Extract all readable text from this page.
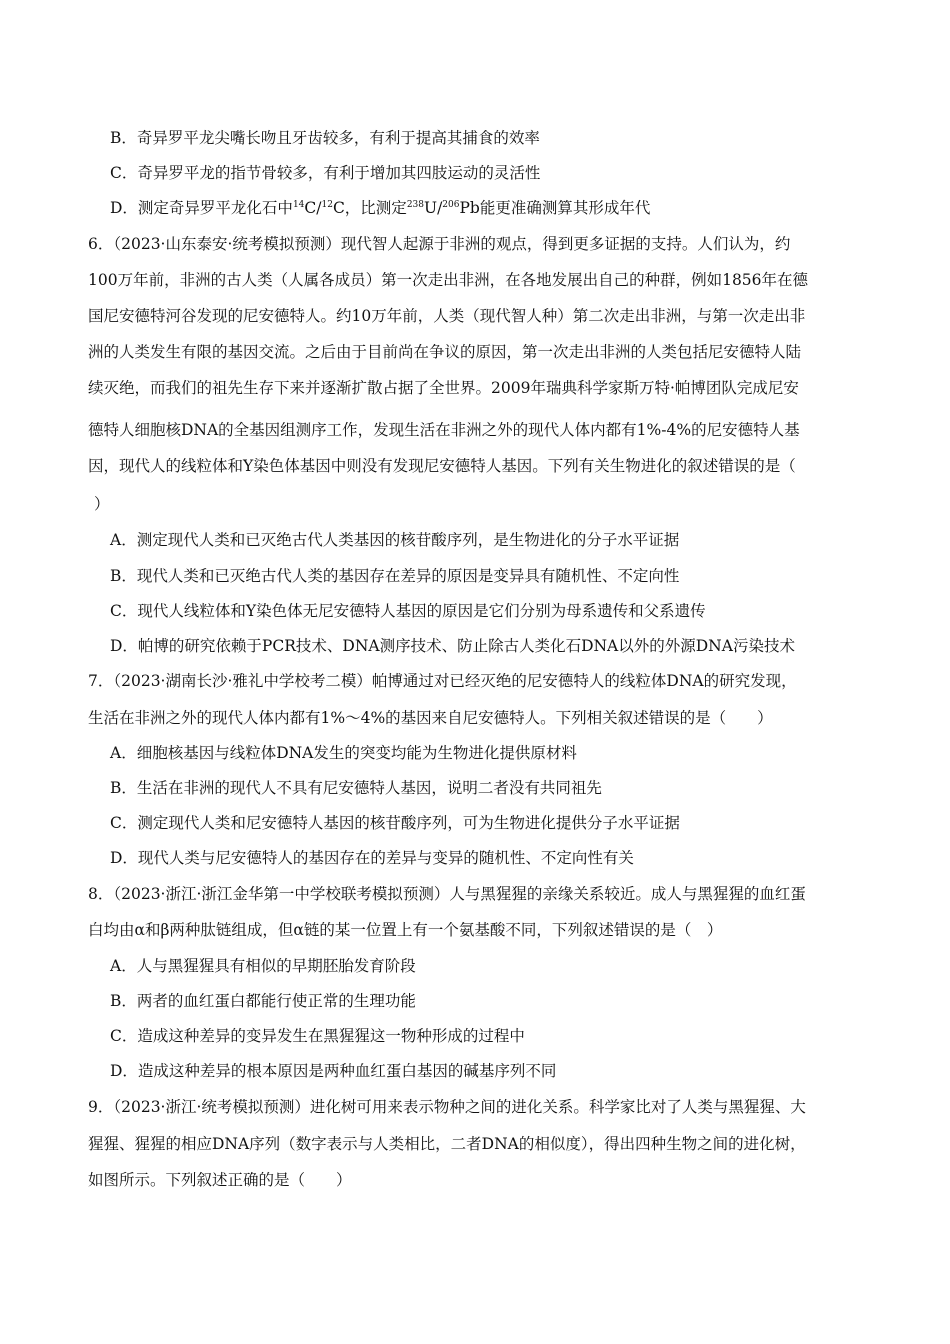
B．奇异罗平龙尖嘴长吻且牙齿较多，有利于提高其捕食的效率
C．奇异罗平龙的指节骨较多，有利于增加其四肢运动的灵活性
D．测定奇异罗平龙化石中$^{14}$C/$^{12}$C，比测定$^{238}$U/$^{206}$Pb能更准确测算其形成年代
6．（2023·山东泰安·统考模拟预测）现代智人起源于非洲的观点，得到更多证据的支持。人们认为，约
100万年前，非洲的古人类（人属各成员）第一次走出非洲，在各地发展出自己的种群，例如1856年在德
国尼安德特河谷发现的尼安德特人。约10万年前，人类（现代智人种）第二次走出非洲，与第一次走出非
洲的人类发生有限的基因交流。之后由于目前尚在争议的原因，第一次走出非洲的人类包括尼安德特人陆
续灭绝，而我们的祖先生存下来并逐渐扩散占据了全世界。2009年瑞典科学家斯万特·帕博团队完成尼安
德特人细胞核DNA的全基因组测序工作，发现生活在非洲之外的现代人体内都有1%-4%的尼安德特人基
因，现代人的线粒体和Y染色体基因中则没有发现尼安德特人基因。下列有关生物进化的叙述错误的是（
）
A．测定现代人类和已灭绝古代人类基因的核苷酸序列，是生物进化的分子水平证据
B．现代人类和已灭绝古代人类的基因存在差异的原因是变异具有随机性、不定向性
C．现代人线粒体和Y染色体无尼安德特人基因的原因是它们分别为母系遗传和父系遗传
D．帕博的研究依赖于PCR技术、DNA测序技术、防止除古人类化石DNA以外的外源DNA污染技术
7．（2023·湖南长沙·雅礼中学校考二模）帕博通过对已经灭绝的尼安德特人的线粒体DNA的研究发现，
生活在非洲之外的现代人体内都有1%～4%的基因来自尼安德特人。下列相关叙述错误的是（　　）
A．细胞核基因与线粒体DNA发生的突变均能为生物进化提供原材料
B．生活在非洲的现代人不具有尼安德特人基因，说明二者没有共同祖先
C．测定现代人类和尼安德特人基因的核苷酸序列，可为生物进化提供分子水平证据
D．现代人类与尼安德特人的基因存在的差异与变异的随机性、不定向性有关
8．（2023·浙江·浙江金华第一中学校联考模拟预测）人与黑猩猩的亲缘关系较近。成人与黑猩猩的血红蛋
白均由α和β两种肽链组成，但α链的某一位置上有一个氨基酸不同，下列叙述错误的是（　）
A．人与黑猩猩具有相似的早期胚胎发育阶段
B．两者的血红蛋白都能行使正常的生理功能
C．造成这种差异的变异发生在黑猩猩这一物种形成的过程中
D．造成这种差异的根本原因是两种血红蛋白基因的碱基序列不同
9．（2023·浙江·统考模拟预测）进化树可用来表示物种之间的进化关系。科学家比对了人类与黑猩猩、大
猩猩、猩猩的相应DNA序列（数字表示与人类相比，二者DNA的相似度），得出四种生物之间的进化树，
如图所示。下列叙述正确的是（　　）
